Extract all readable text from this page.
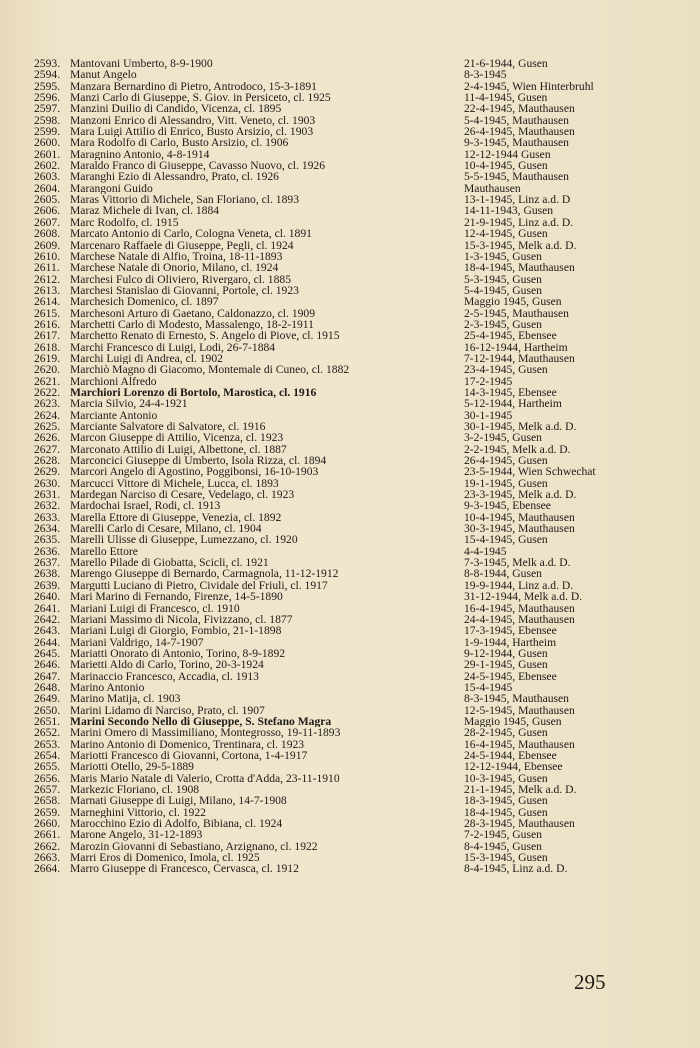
2593. Mantovani Umberto, 8-9-1900	21-6-1944, Gusen
2594. Manut Angelo	8-3-1945
2595. Manzara Bernardino di Pietro, Antrodoco, 15-3-1891	2-4-1945, Wien Hinterbruhl
2596. Manzi Carlo di Giuseppe, S. Giov. in Persiceto, cl. 1925	11-4-1945, Gusen
2597. Manzini Duilio di Candido, Vicenza, cl. 1895	22-4-1945, Mauthausen
2598. Manzoni Enrico di Alessandro, Vitt. Veneto, cl. 1903	5-4-1945, Mauthausen
2599. Mara Luigi Attilio di Enrico, Busto Arsizio, cl. 1903	26-4-1945, Mauthausen
2600. Mara Rodolfo di Carlo, Busto Arsizio, cl. 1906	9-3-1945, Mauthausen
2601. Maragnino Antonio, 4-8-1914	12-12-1944 Gusen
2602. Maraldo Franco di Giuseppe, Cavasso Nuovo, cl. 1926	10-4-1945, Gusen
2603. Maranghi Ezio di Alessandro, Prato, cl. 1926	5-5-1945, Mauthausen
2604. Marangoni Guido	Mauthausen
2605. Maras Vittorio di Michele, San Floriano, cl. 1893	13-1-1945, Linz a.d. D
2606. Maraz Michele di Ivan, cl. 1884	14-11-1943, Gusen
2607. Marc Rodolfo, cl. 1915	21-9-1945, Linz a.d. D.
2608. Marcato Antonio di Carlo, Cologna Veneta, cl. 1891	12-4-1945, Gusen
2609. Marcenaro Raffaele di Giuseppe, Pegli, cl. 1924	15-3-1945, Melk a.d. D.
2610. Marchese Natale di Alfio, Troina, 18-11-1893	1-3-1945, Gusen
2611. Marchese Natale di Onorio, Milano, cl. 1924	18-4-1945, Mauthausen
2612. Marchesi Fulco di Oliviero, Rivergaro, cl. 1885	5-3-1945, Gusen
2613. Marchesi Stanislao di Giovanni, Portole, cl. 1923	5-4-1945, Gusen
2614. Marchesich Domenico, cl. 1897	Maggio 1945, Gusen
2615. Marchesoni Arturo di Gaetano, Caldonazzo, cl. 1909	2-5-1945, Mauthausen
2616. Marchetti Carlo di Modesto, Massalengo, 18-2-1911	2-3-1945, Gusen
2617. Marchetto Renato di Ernesto, S. Angelo di Piove, cl. 1915	25-4-1945, Ebensee
2618. Marchi Francesco di Luigi, Lodi, 26-7-1884	16-12-1944, Hartheim
2619. Marchi Luigi di Andrea, cl. 1902	7-12-1944, Mauthausen
2620. Marchiò Magno di Giacomo, Montemale di Cuneo, cl. 1882	23-4-1945, Gusen
2621. Marchioni Alfredo	17-2-1945
2622. Marchiori Lorenzo di Bortolo, Marostica, cl. 1916	14-3-1945, Ebensee
2623. Marcia Silvio, 24-4-1921	5-12-1944, Hartheim
2624. Marciante Antonio	30-1-1945
2625. Marciante Salvatore di Salvatore, cl. 1916	30-1-1945, Melk a.d. D.
2626. Marcon Giuseppe di Attilio, Vicenza, cl. 1923	3-2-1945, Gusen
2627. Marconato Attilio di Luigi, Albettone, cl. 1887	2-2-1945, Melk a.d. D.
2628. Marconcici Giuseppe di Umberto, Isola Rizza, cl. 1894	26-4-1945, Gusen
2629. Marcori Angelo di Agostino, Poggibonsi, 16-10-1903	23-5-1944, Wien Schwechat
2630. Marcucci Vittore di Michele, Lucca, cl. 1893	19-1-1945, Gusen
2631. Mardegan Narciso di Cesare, Vedelago, cl. 1923	23-3-1945, Melk a.d. D.
2632. Mardochai Israel, Rodi, cl. 1913	9-3-1945, Ebensee
2633. Marella Ettore di Giuseppe, Venezia, cl. 1892	10-4-1945, Mauthausen
2634. Marelli Carlo di Cesare, Milano, cl. 1904	30-3-1945, Mauthausen
2635. Marelli Ulisse di Giuseppe, Lumezzano, cl. 1920	15-4-1945, Gusen
2636. Marello Ettore	4-4-1945
2637. Marello Pilade di Giobatta, Scicli, cl. 1921	7-3-1945, Melk a.d. D.
2638. Marengo Giuseppe di Bernardo, Carmagnola, 11-12-1912	8-8-1944, Gusen
2639. Margutti Luciano di Pietro, Cividale del Friuli, cl. 1917	19-9-1944, Linz a.d. D.
2640. Mari Marino di Fernando, Firenze, 14-5-1890	31-12-1944, Melk a.d. D.
2641. Mariani Luigi di Francesco, cl. 1910	16-4-1945, Mauthausen
2642. Mariani Massimo di Nicola, Fivizzano, cl. 1877	24-4-1945, Mauthausen
2643. Mariani Luigi di Giorgio, Fombio, 21-1-1898	17-3-1945, Ebensee
2644. Mariani Valdrigo, 14-7-1907	1-9-1944, Hartheim
2645. Mariatti Onorato di Antonio, Torino, 8-9-1892	9-12-1944, Gusen
2646. Marietti Aldo di Carlo, Torino, 20-3-1924	29-1-1945, Gusen
2647. Marinaccio Francesco, Accadia, cl. 1913	24-5-1945, Ebensee
2648. Marino Antonio	15-4-1945
2649. Marino Matija, cl. 1903	8-3-1945, Mauthausen
2650. Marini Lidamo di Narciso, Prato, cl. 1907	12-5-1945, Mauthausen
2651. Marini Secondo Nello di Giuseppe, S. Stefano Magra	Maggio 1945, Gusen
2652. Marini Omero di Massimiliano, Montegrosso, 19-11-1893	28-2-1945, Gusen
2653. Marino Antonio di Domenico, Trentinara, cl. 1923	16-4-1945, Mauthausen
2654. Mariotti Francesco di Giovanni, Cortona, 1-4-1917	24-5-1944, Ebensee
2655. Mariotti Otello, 29-5-1889	12-12-1944, Ebensee
2656. Maris Mario Natale di Valerio, Crotta d'Adda, 23-11-1910	10-3-1945, Gusen
2657. Markezic Floriano, cl. 1908	21-1-1945, Melk a.d. D.
2658. Marnati Giuseppe di Luigi, Milano, 14-7-1908	18-3-1945, Gusen
2659. Marneghini Vittorio, cl. 1922	18-4-1945, Gusen
2660. Marocchino Ezio di Adolfo, Bibiana, cl. 1924	28-3-1945, Mauthausen
2661. Marone Angelo, 31-12-1893	7-2-1945, Gusen
2662. Marozin Giovanni di Sebastiano, Arzignano, cl. 1922	8-4-1945, Gusen
2663. Marri Eros di Domenico, Imola, cl. 1925	15-3-1945, Gusen
2664. Marro Giuseppe di Francesco, Cervasca, cl. 1912	8-4-1945, Linz a.d. D.
295
